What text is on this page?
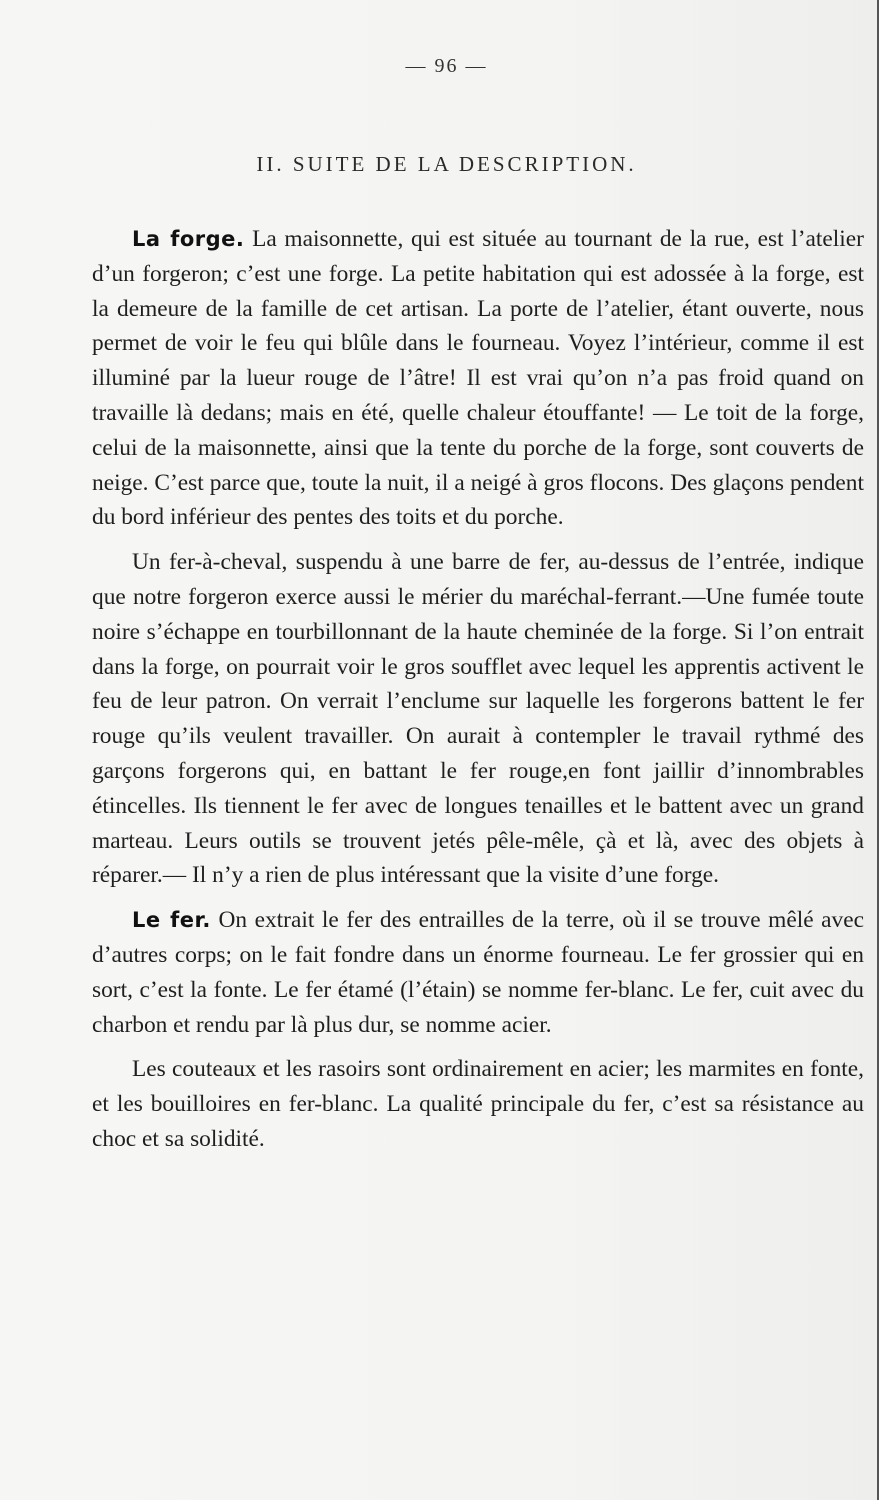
— 96 —
II. SUITE DE LA DESCRIPTION.

La forge. La maisonnette, qui est située au tournant de la rue, est l’atelier d’un forgeron; c’est une forge. La petite habitation qui est adossée à la forge, est la demeure de la famille de cet artisan. La porte de l’atelier, étant ouverte, nous permet de voir le feu qui blûle dans le fourneau. Voyez l’intérieur, comme il est illuminé par la lueur rouge de l’âtre! Il est vrai qu’on n’a pas froid quand on travaille là dedans; mais en été, quelle chaleur étouffante! — Le toit de la forge, celui de la maisonnette, ainsi que la tente du porche de la forge, sont couverts de neige. C’est parce que, toute la nuit, il a neigé à gros flocons. Des glaçons pendent du bord inférieur des pentes des toits et du porche.

Un fer-à-cheval, suspendu à une barre de fer, au-dessus de l’entrée, indique que notre forgeron exerce aussi le mérier du maréchal-ferrant.—Une fumée toute noire s’échappe en tourbillonnant de la haute cheminée de la forge. Si l’on entrait dans la forge, on pourrait voir le gros soufflet avec lequel les apprentis activent le feu de leur patron. On verrait l’enclume sur laquelle les forgerons battent le fer rouge qu’ils veulent travailler. On aurait à contempler le travail rythmé des garçons forgerons qui, en battant le fer rouge,en font jaillir d’innombrables étincelles. Ils tiennent le fer avec de longues tenailles et le battent avec un grand marteau. Leurs outils se trouvent jetés pêle-mêle, çà et là, avec des objets à réparer.— Il n’y a rien de plus intéressant que la visite d’une forge.

Le fer. On extrait le fer des entrailles de la terre, où il se trouve mêlé avec d’autres corps; on le fait fondre dans un énorme fourneau. Le fer grossier qui en sort, c’est la fonte. Le fer étamé (l’étain) se nomme fer-blanc. Le fer, cuit avec du charbon et rendu par là plus dur, se nomme acier.

Les couteaux et les rasoirs sont ordinairement en acier; les marmites en fonte, et les bouilloires en fer-blanc. La qualité principale du fer, c’est sa résistance au choc et sa solidité.
